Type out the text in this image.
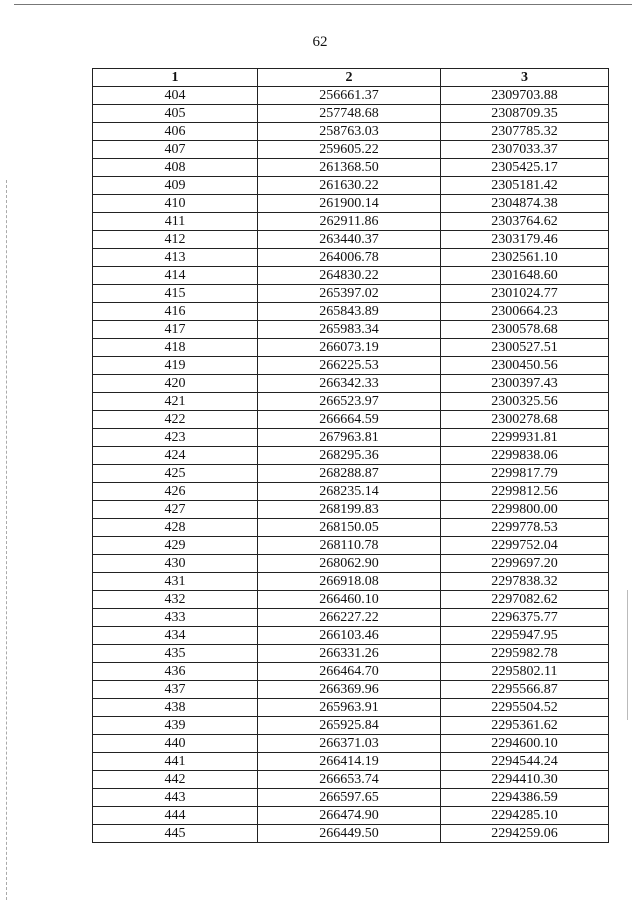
62
1	2	3
404	256661.37	2309703.88
405	257748.68	2308709.35
406	258763.03	2307785.32
407	259605.22	2307033.37
408	261368.50	2305425.17
409	261630.22	2305181.42
410	261900.14	2304874.38
411	262911.86	2303764.62
412	263440.37	2303179.46
413	264006.78	2302561.10
414	264830.22	2301648.60
415	265397.02	2301024.77
416	265843.89	2300664.23
417	265983.34	2300578.68
418	266073.19	2300527.51
419	266225.53	2300450.56
420	266342.33	2300397.43
421	266523.97	2300325.56
422	266664.59	2300278.68
423	267963.81	2299931.81
424	268295.36	2299838.06
425	268288.87	2299817.79
426	268235.14	2299812.56
427	268199.83	2299800.00
428	268150.05	2299778.53
429	268110.78	2299752.04
430	268062.90	2299697.20
431	266918.08	2297838.32
432	266460.10	2297082.62
433	266227.22	2296375.77
434	266103.46	2295947.95
435	266331.26	2295982.78
436	266464.70	2295802.11
437	266369.96	2295566.87
438	265963.91	2295504.52
439	265925.84	2295361.62
440	266371.03	2294600.10
441	266414.19	2294544.24
442	266653.74	2294410.30
443	266597.65	2294386.59
444	266474.90	2294285.10
445	266449.50	2294259.06
